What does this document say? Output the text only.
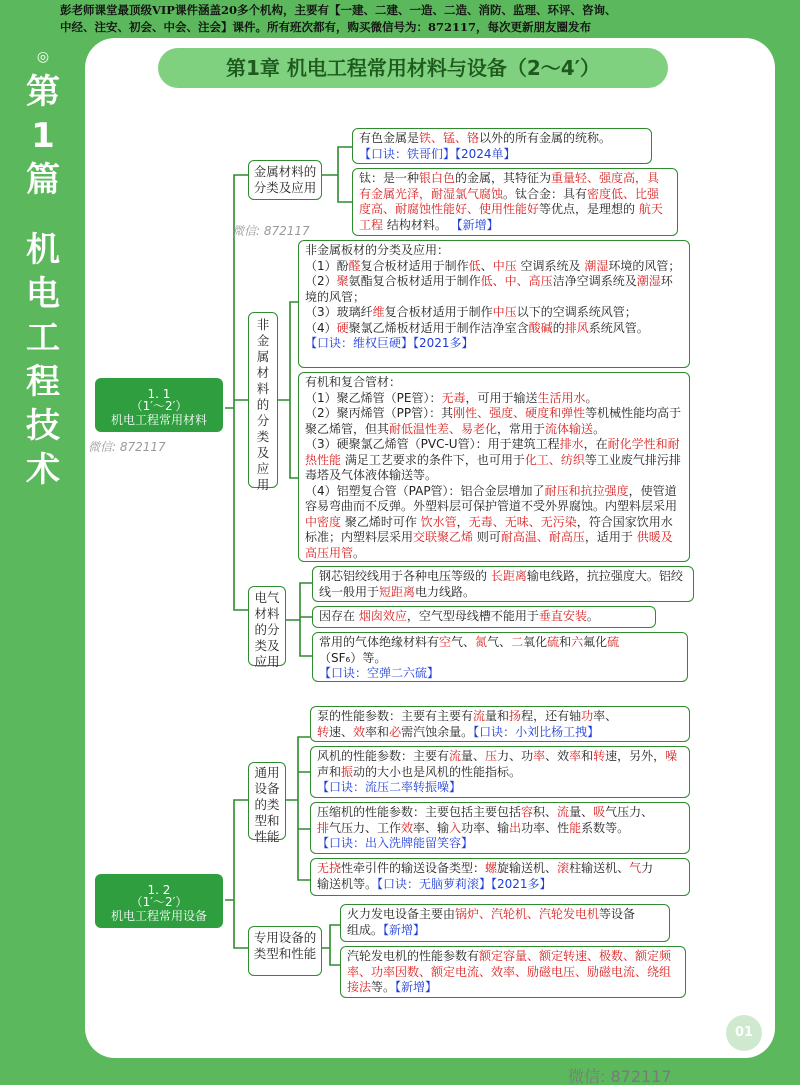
彭老师课堂最顶级VIP课件涵盖20多个机构，主要有【一建、二建、一造、二造、消防、监理、环评、咨询、
中经、注安、初会、中会、注会】课件。所有班次都有，购买微信号为：872117，每次更新朋友圈发布
◎
第
1
篇
机
电
工
程
技
术
第1章 机电工程常用材料与设备（2～4′）
1. 1
（1′～2′）
机电工程常用材料
1. 2
（1′～2′）
机电工程常用设备
金属材料的分类及应用
非金属材料的分类及应用
电气材料的分类及应用
通用设备的类型和性能
专用设备的类型和性能
有色金属是铁、锰、铬以外的所有金属的统称。
【口诀：铁哥们】【2024单】
钛：是一种银白色的金属，其特征为重量轻、强度高，具有金属光泽，耐湿氯气腐蚀。钛合金：具有密度低、比强度高、耐腐蚀性能好、使用性能好等优点，是理想的 航天工程 结构材料。 【新增】
非金属板材的分类及应用：
（1）酚醛复合板材适用于制作低、中压 空调系统及 潮湿环境的风管；
（2）聚氨酯复合板材适用于制作低、中、高压洁净空调系统及潮湿环境的风管；
（3）玻璃纤维复合板材适用于制作中压以下的空调系统风管；
（4）硬聚氯乙烯板材适用于制作洁净室含酸碱的排风系统风管。
【口诀：维权巨硬】【2021多】
有机和复合管材：
（1）聚乙烯管（PE管）：无毒，可用于输送生活用水。
（2）聚丙烯管（PP管）：其刚性、强度、硬度和弹性等机械性能均高于聚乙烯管，但其耐低温性差、易老化，常用于流体输送。
（3）硬聚氯乙烯管（PVC-U管）：用于建筑工程排水，在耐化学性和耐热性能 满足工艺要求的条件下，也可用于化工、纺织等工业废气排污排毒塔及气体液体输送等。
（4）铝塑复合管（PAP管）：铝合金层增加了耐压和抗拉强度，使管道容易弯曲而不反弹。外塑料层可保护管道不受外界腐蚀。内塑料层采用 中密度 聚乙烯时可作 饮水管，无毒、无味、无污染，符合国家饮用水标准；内塑料层采用交联聚乙烯 则可耐高温、耐高压，适用于 供暖及高压用管。
钢芯铝绞线用于各种电压等级的 长距离输电线路，抗拉强度大。铝绞线一般用于短距离电力线路。
因存在 烟囱效应，空气型母线槽不能用于垂直安装。
常用的气体绝缘材料有空气、氮气、二氧化硫和六氟化硫
（SF₆）等。
【口诀：空弹二六硫】
泵的性能参数：主要有主要有流量和扬程，还有轴功率、
转速、效率和必需汽蚀余量。【口诀：小刘比杨工拽】
风机的性能参数：主要有流量、压力、功率、效率和转速，另外，噪声和振动的大小也是风机的性能指标。
【口诀：流压二率转振噪】
压缩机的性能参数：主要包括主要包括容积、流量、吸气压力、
排气压力、工作效率、输入功率、输出功率、性能系数等。
【口诀：出入洗牌能留笑容】
无挠性牵引件的输送设备类型：螺旋输送机、滚柱输送机、气力
输送机等。【口诀：无脑萝莉滚】【2021多】
火力发电设备主要由锅炉、汽轮机、汽轮发电机等设备
组成。【新增】
汽轮发电机的性能参数有额定容量、额定转速、极数、额定频率、功率因数、额定电流、效率、励磁电压、励磁电流、绕组接法等。【新增】
01
微信: 872117
微信: 872117
微信: 872117
